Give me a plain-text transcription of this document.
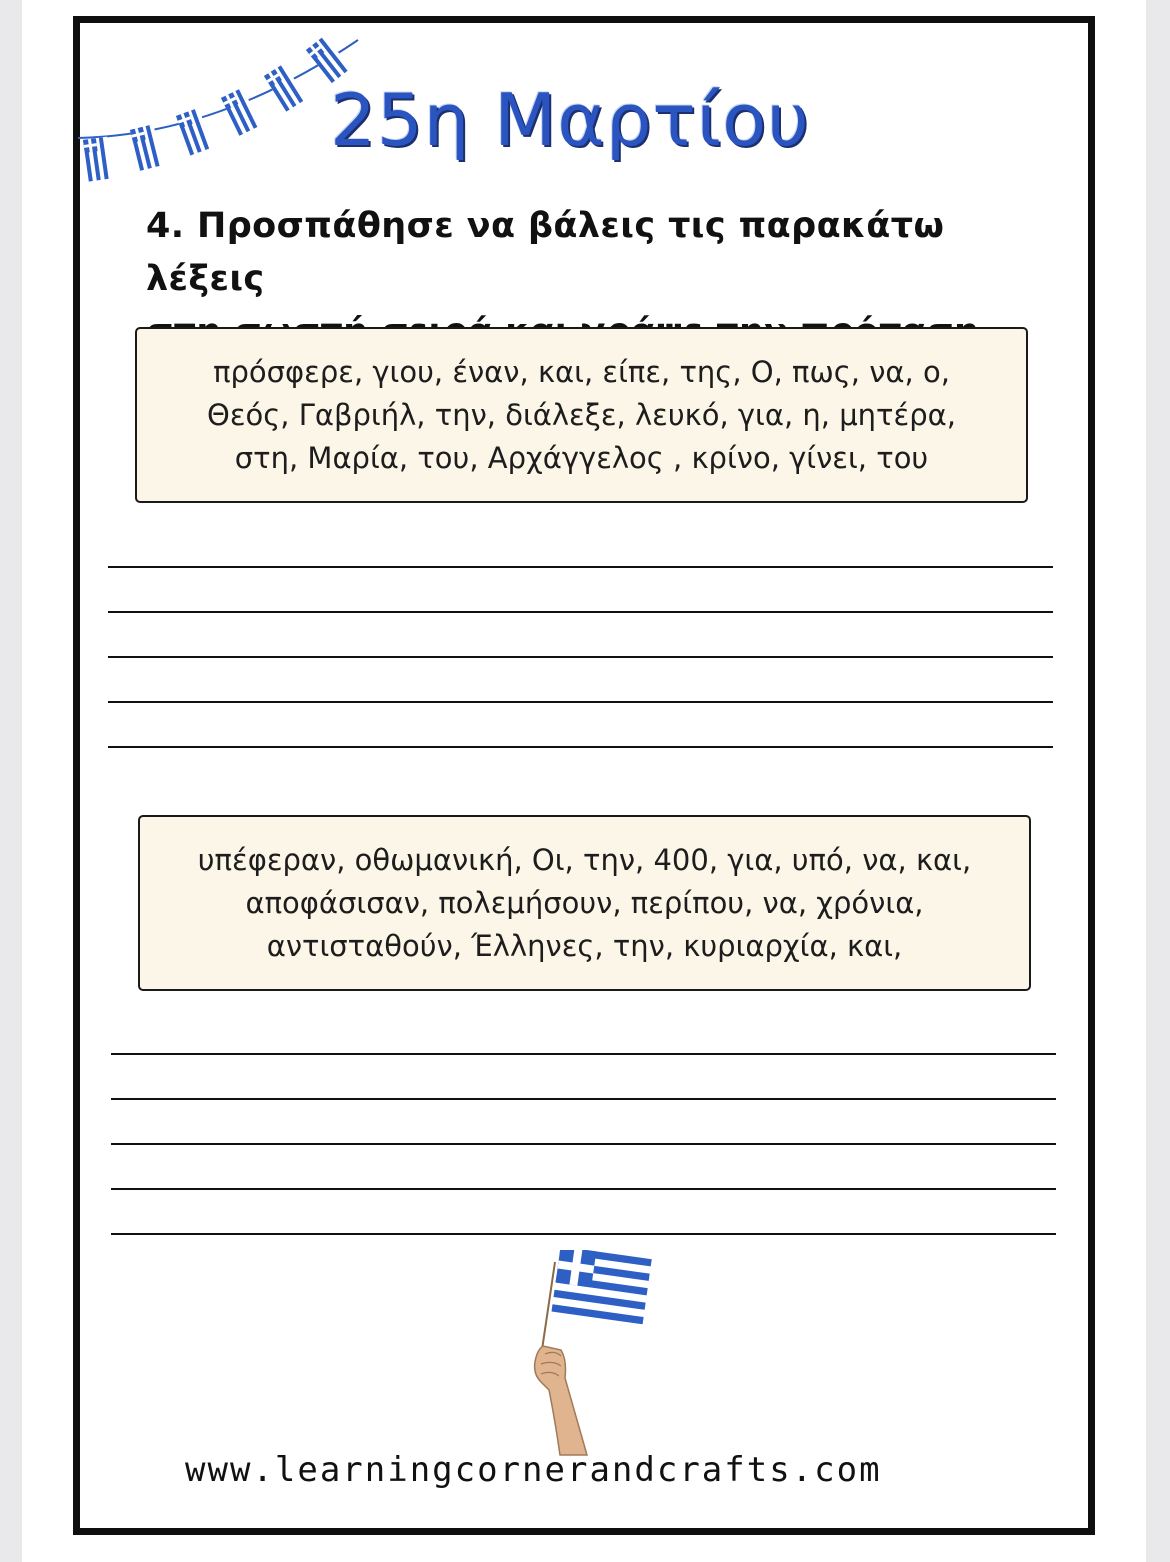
25η Μαρτίου
4. Προσπάθησε να βάλεις τις παρακάτω λέξεις
πρόσφερε, γιου, έναν, και, είπε, της, Ο, πως, να, ο,
Θεός, Γαβριήλ, την, διάλεξε, λευκό, για, η, μητέρα,
στη, Μαρία, του, Αρχάγγελος , κρίνο, γίνει, του
υπέφεραν, οθωμανική, Οι, την, 400, για, υπό, να, και,
αποφάσισαν, πολεμήσουν, περίπου, να, χρόνια,
αντισταθούν, Έλληνες, την, κυριαρχία, και,
www.learningcornerandcrafts.com
